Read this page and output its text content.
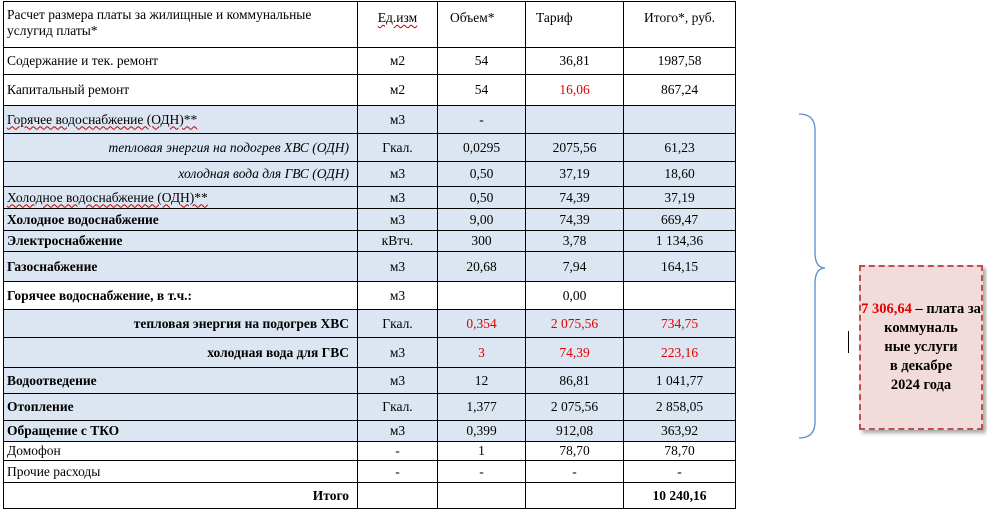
Расчет размера платы за жилищные и коммунальные услугид платы*	Ед.изм	Объем*	Тариф	Итого*, руб.
Содержание и тек. ремонт	м2	54	36,81	1987,58
Капитальный ремонт	м2	54	16,06	867,24
Горячее водоснабжение (ОДН)**	м3	-		
тепловая энергия на подогрев ХВС (ОДН)	Гкал.	0,0295	2075,56	61,23
холодная вода для ГВС (ОДН)	м3	0,50	37,19	18,60
Холодное водоснабжение (ОДН)**	м3	0,50	74,39	37,19
Холодное водоснабжение	м3	9,00	74,39	669,47
Электроснабжение	кВтч.	300	3,78	1 134,36
Газоснабжение	м3	20,68	7,94	164,15
Горячее водоснабжение, в т.ч.:	м3		0,00	
тепловая энергия на подогрев ХВС	Гкал.	0,354	2 075,56	734,75
холодная вода для ГВС	м3	3	74,39	223,16
Водоотведение	м3	12	86,81	1 041,77
Отопление	Гкал.	1,377	2 075,56	2 858,05
Обращение с ТКО	м3	0,399	912,08	363,92
Домофон	-	1	78,70	78,70
Прочие расходы	-	-	-	-
Итого				10 240,16
7 306,64 – плата за
коммуналь
ные услуги
в декабре
2024 года
